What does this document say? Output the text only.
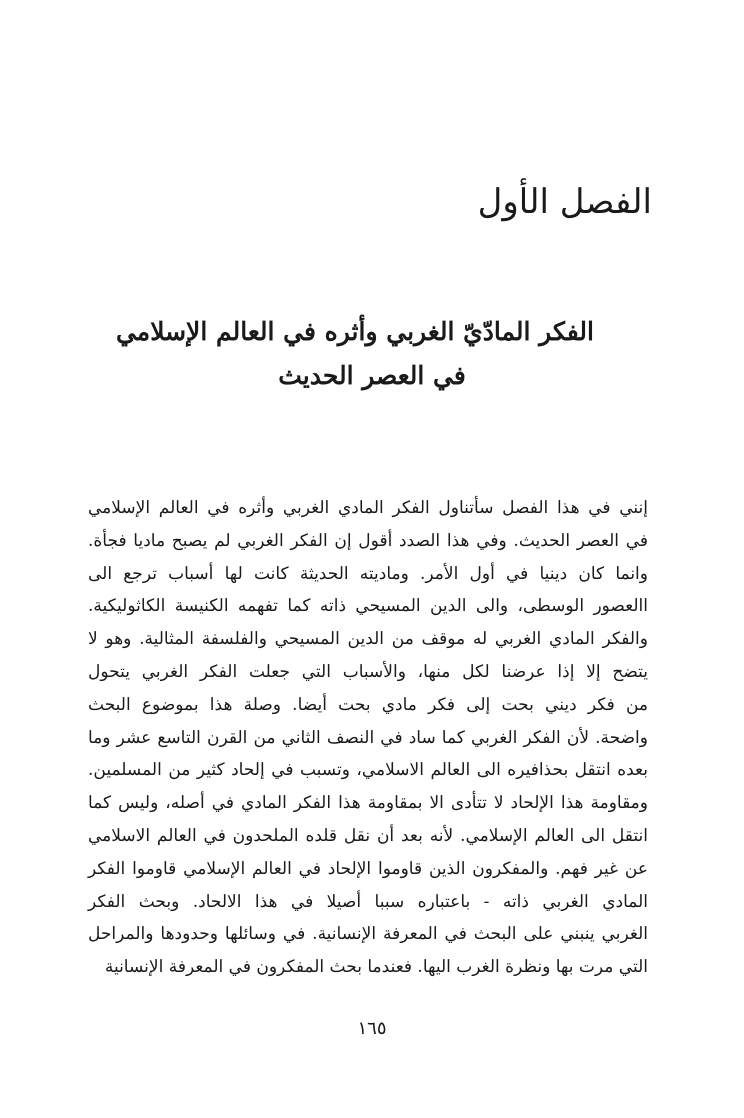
الفصل الأول
الفكر المادّيّ الغربي وأثره في العالم الإسلامي
في العصر الحديث
إنني في هذا الفصل سأتناول الفكر المادي الغربي وأثره في العالم الإسلامي
في العصر الحديث. وفي هذا الصدد أقول إن الفكر الغربي لم يصبح ماديا فجأة.
وانما كان دينيا في أول الأمر. وماديته الحديثة كانت لها أسباب ترجع الى
االعصور الوسطى، والى الدين المسيحي ذاته كما تفهمه الكنيسة الكاثوليكية.
والفكر المادي الغربي له موقف من الدين المسيحي والفلسفة المثالية. وهو لا
يتضح إلا إذا عرضنا لكل منها، والأسباب التي جعلت الفكر الغربي يتحول
من فكر ديني بحت إلى فكر مادي بحت أيضا. وصلة هذا بموضوع البحث
واضحة. لأن الفكر الغربي كما ساد في النصف الثاني من القرن التاسع عشر وما
بعده انتقل بحذافيره الى العالم الاسلامي، وتسبب في إلحاد كثير من المسلمين.
ومقاومة هذا الإلحاد لا تتأدى الا بمقاومة هذا الفكر المادي في أصله، وليس كما
انتقل الى العالم الإسلامي. لأنه بعد أن نقل قلده الملحدون في العالم الاسلامي
عن غير فهم. والمفكرون الذين قاوموا الإلحاد في العالم الإسلامي قاوموا الفكر
المادي الغربي ذاته - باعتباره سببا أصيلا في هذا الالحاد. وبحث الفكر
الغربي ينبني على البحث في المعرفة الإنسانية. في وسائلها وحدودها والمراحل
التي مرت بها ونظرة الغرب اليها. فعندما بحث المفكرون في المعرفة الإنسانية
١٦٥
